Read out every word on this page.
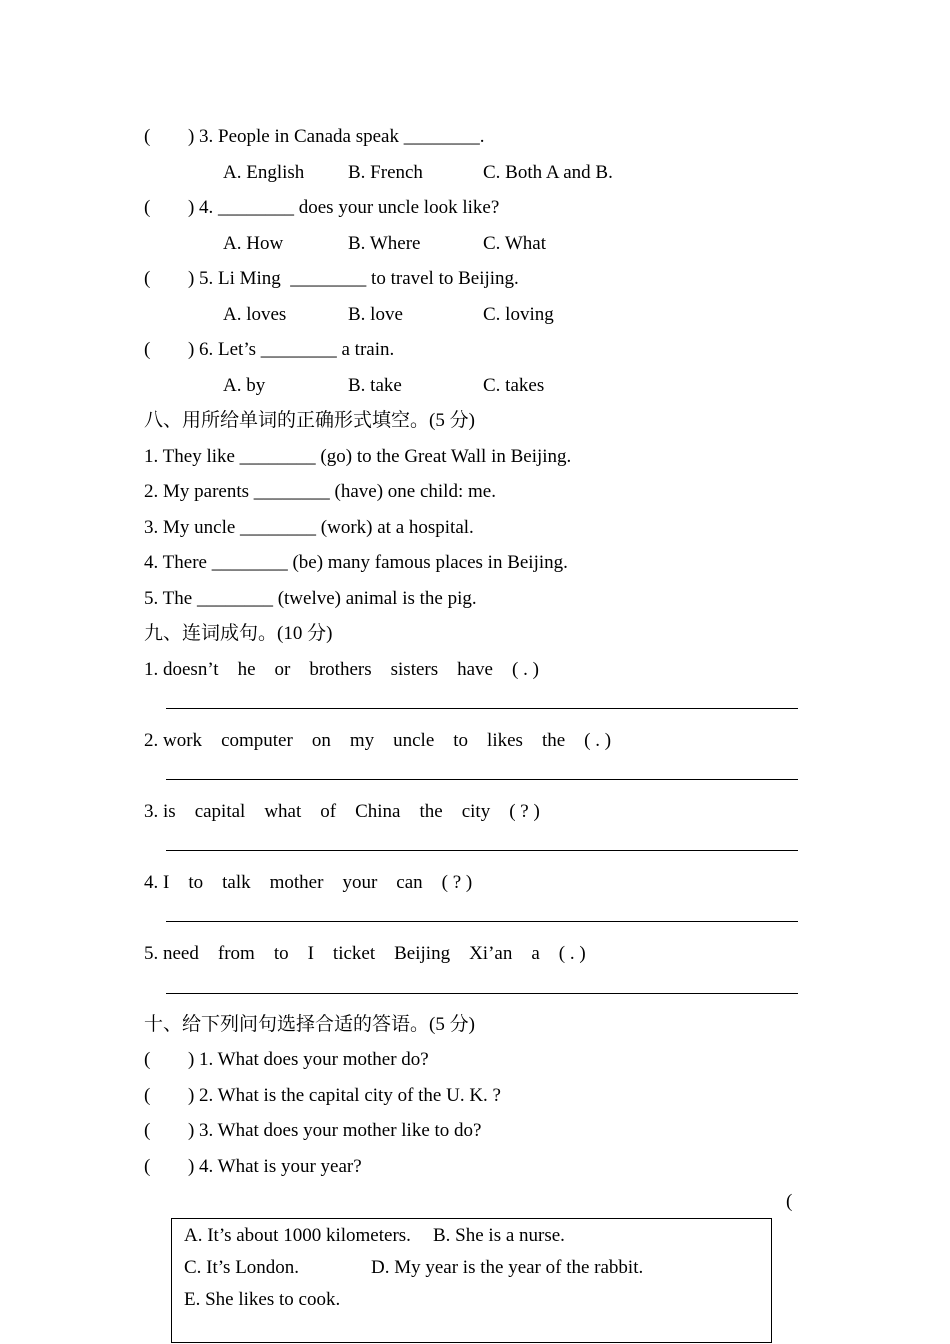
( ) 3. People in Canada speak ________.
A. English B. French	C. Both A and B.
( ) 4. ________ does your uncle look like?
A. How	B. Where	C. What
( ) 5. Li Ming  ________ to travel to Beijing.
A. loves	B. love	C. loving
( ) 6. Let’s ________ a train.
A. by	B. take	C. takes
八、用所给单词的正确形式填空。(5 分)
1. They like ________ (go) to the Great Wall in Beijing.
2. My parents ________ (have) one child: me.
3. My uncle ________ (work) at a hospital.
4. There ________ (be) many famous places in Beijing.
5. The ________ (twelve) animal is the pig.
九、连词成句。(10 分)
1. doesn’t he or brothers sisters have ( . )
2. work computer on my uncle to likes the ( . )
3. is capital what of China the city ( ? )
4. I to talk mother your can ( ? )
5. need from to I ticket Beijing Xi’an a ( . )
十、给下列问句选择合适的答语。(5 分)
( ) 1. What does your mother do?
( ) 2. What is the capital city of the U. K. ?
( ) 3. What does your mother like to do?
( ) 4. What is your year?
(
A. It’s about 1000 kilometers. B. She is a nurse.
C. It’s London.	D. My year is the year of the rabbit.
E. She likes to cook.
